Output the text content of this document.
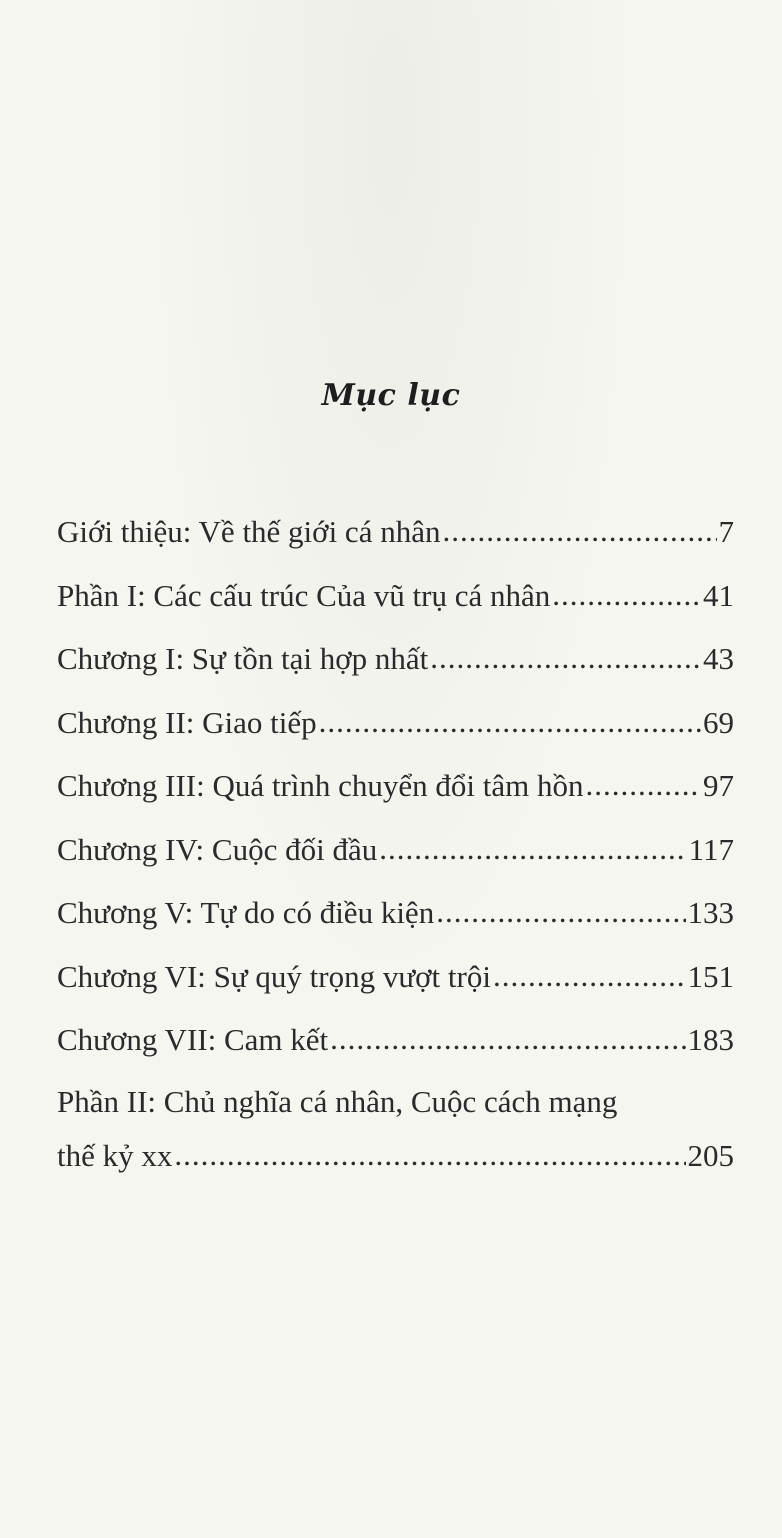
Mục lục
Giới thiệu: Về thế giới cá nhân .....	7
Phần I: Các cấu trúc Của vũ trụ cá nhân .....	41
Chương I: Sự tồn tại hợp nhất .....	43
Chương II: Giao tiếp .....	69
Chương III: Quá trình chuyển đổi tâm hồn .....	97
Chương IV: Cuộc đối đầu .....	117
Chương V: Tự do có điều kiện .....	133
Chương VI: Sự quý trọng vượt trội .....	151
Chương VII: Cam kết .....	183
Phần II: Chủ nghĩa cá nhân, Cuộc cách mạng
thế kỷ xx .....	205
